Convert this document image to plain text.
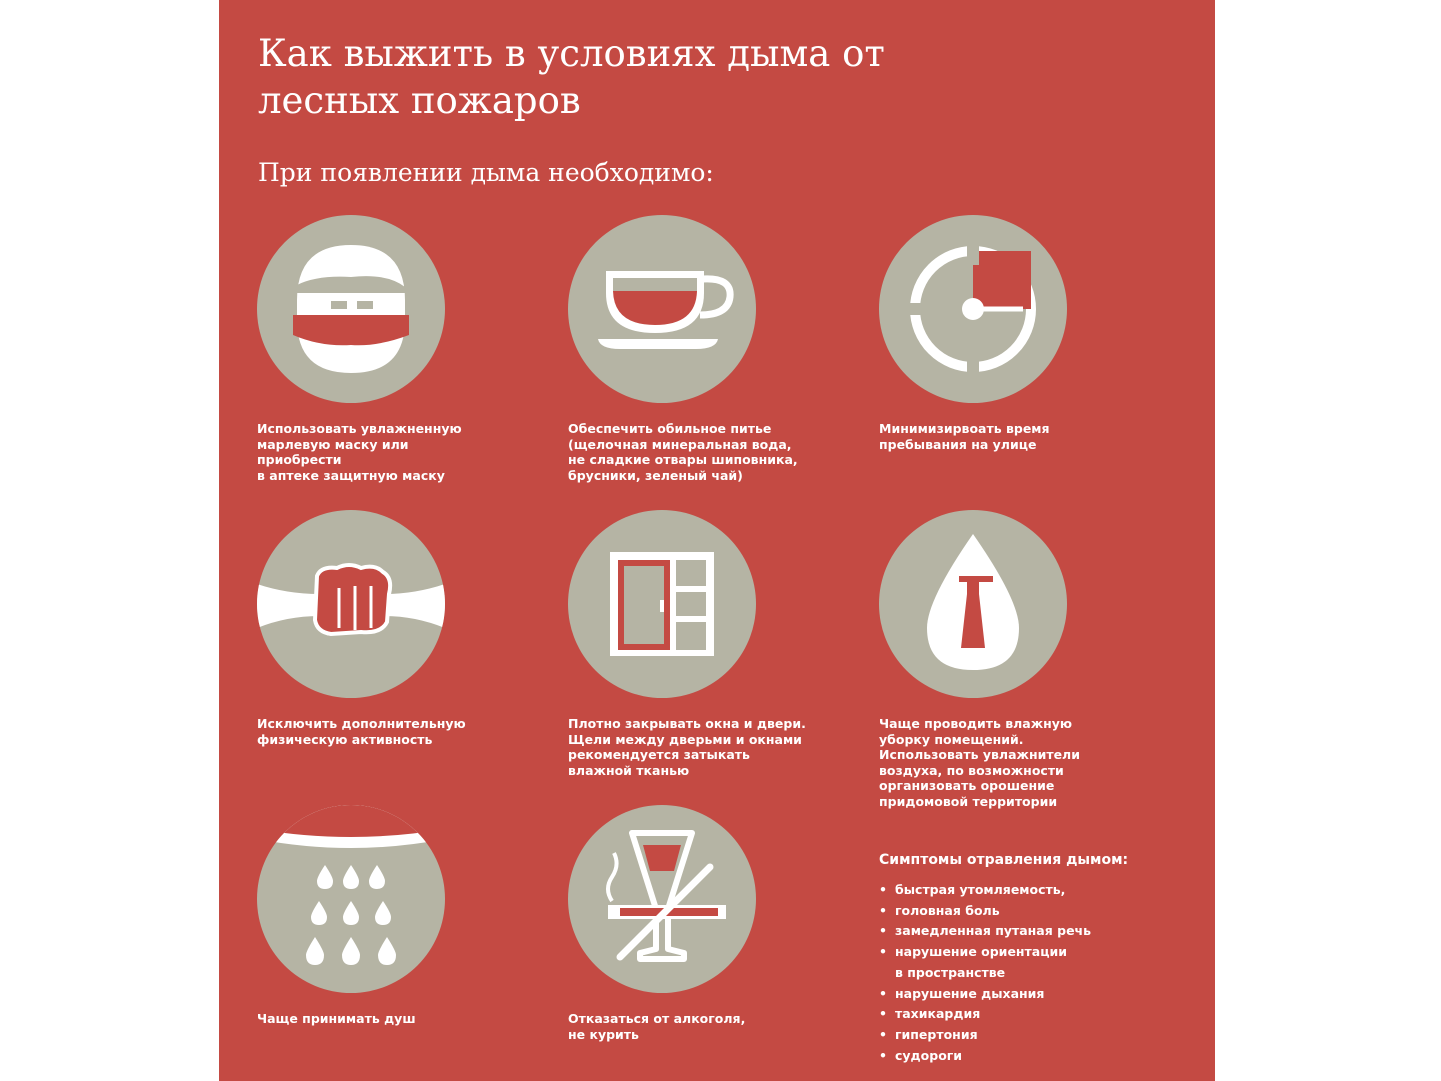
Как выжить в условиях дыма от лесных пожаров
При появлении дыма необходимо:
Использовать увлажненную
марлевую маску или приобрести
в аптеке защитную маску
Обеспечить обильное питье
(щелочная минеральная вода,
не сладкие отвары шиповника,
брусники, зеленый чай)
Минимизирвоать время
пребывания на улице
Исключить дополнительную
физическую активность
Плотно закрывать окна и двери.
Щели между дверьми и окнами
рекомендуется затыкать
влажной тканью
Чаще проводить влажную
уборку помещений.
Использовать увлажнители
воздуха, по возможности
организовать орошение
придомовой территории
Чаще принимать душ	Отказаться от алкоголя,
не курить
Симптомы отравления дымом:
• быстрая утомляемость,
• головная боль
• замедленная путаная речь
• нарушение ориентации
в пространстве
• нарушение дыхания
• тахикардия
• гипертония
• судороги
